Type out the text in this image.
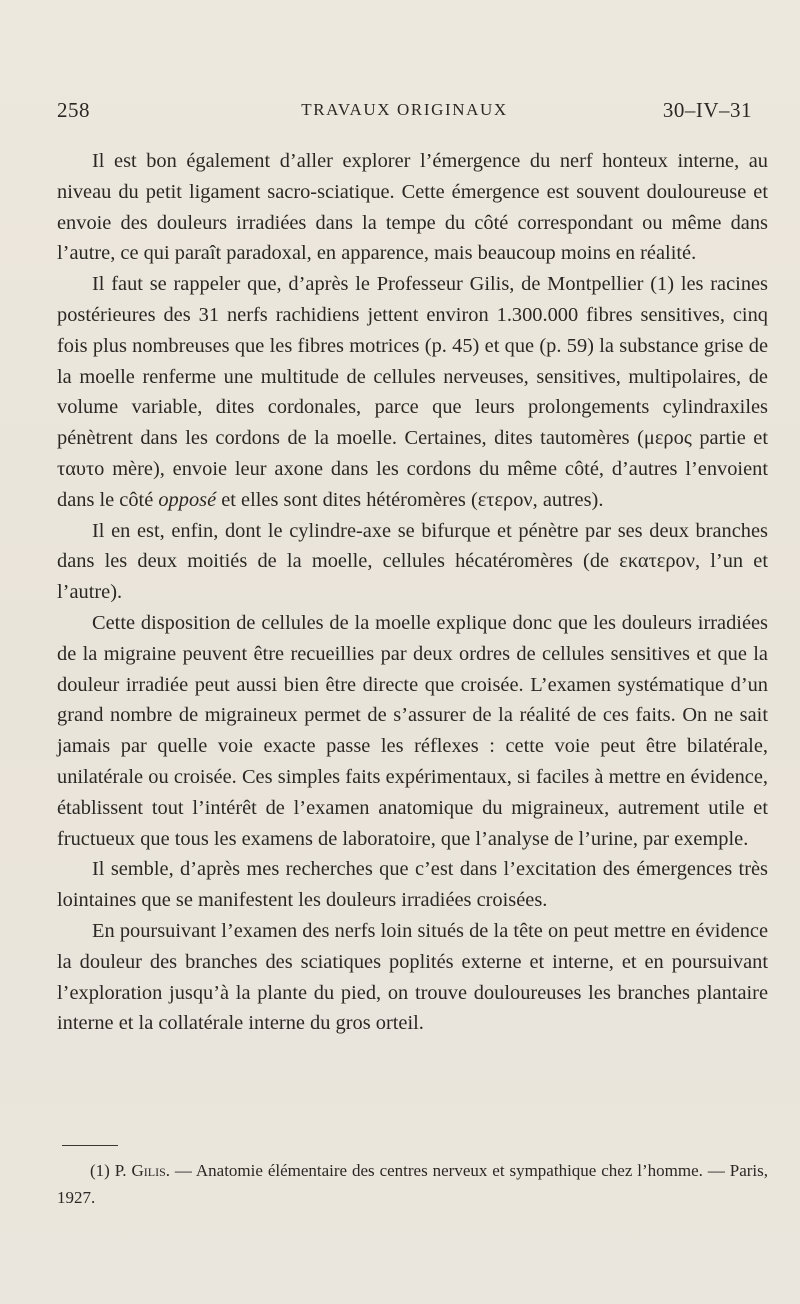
258	TRAVAUX ORIGINAUX	30–IV–31

Il est bon également d’aller explorer l’émergence du nerf honteux interne, au niveau du petit ligament sacro-sciatique. Cette émergence est souvent douloureuse et envoie des douleurs irradiées dans la tempe du côté correspondant ou même dans l’autre, ce qui paraît paradoxal, en apparence, mais beaucoup moins en réalité.

Il faut se rappeler que, d’après le Professeur Gilis, de Montpellier (1) les racines postérieures des 31 nerfs rachidiens jettent environ 1.300.000 fibres sensitives, cinq fois plus nombreuses que les fibres motrices (p. 45) et que (p. 59) la substance grise de la moelle renferme une multitude de cellules nerveuses, sensitives, multipolaires, de volume variable, dites cordonales, parce que leurs prolongements cylindraxiles pénètrent dans les cordons de la moelle. Certaines, dites tautomères (μερος partie et ταυτο mère), envoie leur axone dans les cordons du même côté, d’autres l’envoient dans le côté opposé et elles sont dites hétéromères (ετερον, autres).

Il en est, enfin, dont le cylindre-axe se bifurque et pénètre par ses deux branches dans les deux moitiés de la moelle, cellules hécatéromères (de εκατερον, l’un et l’autre).

Cette disposition de cellules de la moelle explique donc que les douleurs irradiées de la migraine peuvent être recueillies par deux ordres de cellules sensitives et que la douleur irradiée peut aussi bien être directe que croisée. L’examen systématique d’un grand nombre de migraineux permet de s’assurer de la réalité de ces faits. On ne sait jamais par quelle voie exacte passe les réflexes : cette voie peut être bilatérale, unilatérale ou croisée. Ces simples faits expérimentaux, si faciles à mettre en évidence, établissent tout l’intérêt de l’examen anatomique du migraineux, autrement utile et fructueux que tous les examens de laboratoire, que l’analyse de l’urine, par exemple.

Il semble, d’après mes recherches que c’est dans l’excitation des émergences très lointaines que se manifestent les douleurs irradiées croisées.

En poursuivant l’examen des nerfs loin situés de la tête on peut mettre en évidence la douleur des branches des sciatiques poplités externe et interne, et en poursuivant l’exploration jusqu’à la plante du pied, on trouve douloureuses les branches plantaire interne et la collatérale interne du gros orteil.

(1) P. Gilis. — Anatomie élémentaire des centres nerveux et sympathique chez l’homme. — Paris, 1927.
